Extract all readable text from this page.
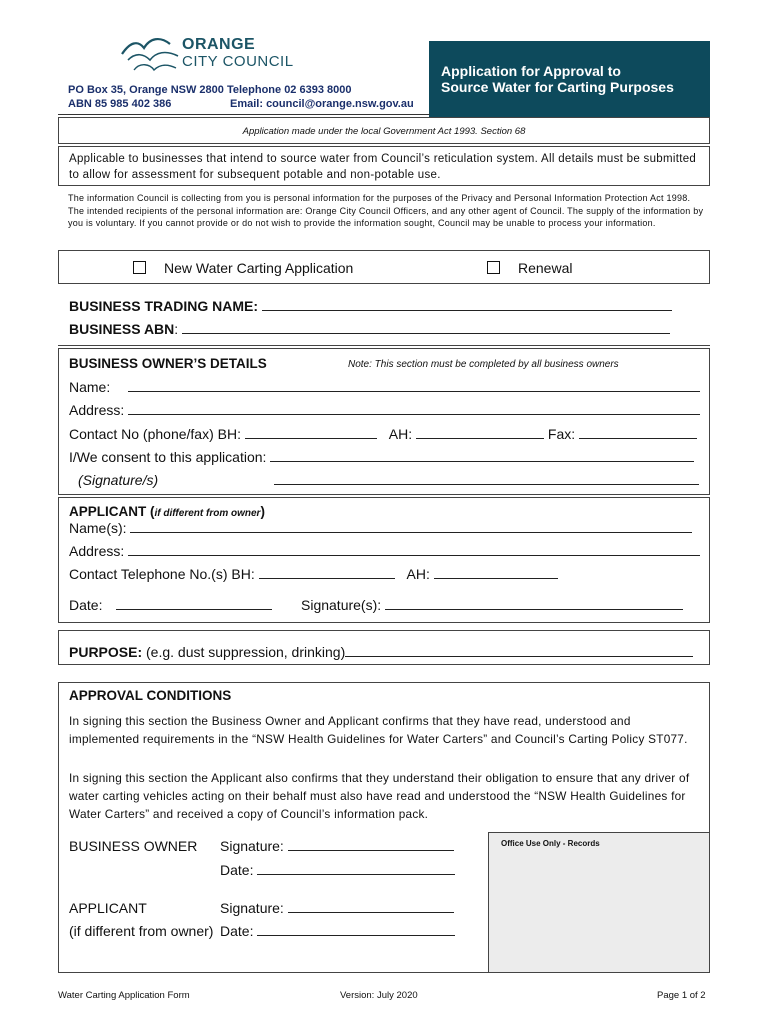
ORANGE
CITY COUNCIL
PO Box 35, Orange NSW 2800 Telephone 02 6393 8000
ABN 85 985 402 386	Email: council@orange.nsw.gov.au
Application for Approval to
Source Water for Carting Purposes
Application made under the local Government Act 1993. Section 68
Applicable to businesses that intend to source water from Council’s reticulation system. All details must be submitted to allow for assessment for subsequent potable and non-potable use.
The information Council is collecting from you is personal information for the purposes of the Privacy and Personal Information Protection Act 1998. The intended recipients of the personal information are: Orange City Council Officers, and any other agent of Council. The supply of the information by you is voluntary. If you cannot provide or do not wish to provide the information sought, Council may be unable to process your information.
New Water Carting Application	Renewal
BUSINESS TRADING NAME:
BUSINESS ABN:
BUSINESS OWNER’S DETAILS	Note: This section must be completed by all business owners
Name:
Address:
Contact No (phone/fax) BH:	AH:	Fax:
I/We consent to this application:
(Signature/s)
APPLICANT (if different from owner)
Name(s):
Address:
Contact Telephone No.(s) BH:	AH:
Date:	Signature(s):
PURPOSE: (e.g. dust suppression, drinking)
APPROVAL CONDITIONS
In signing this section the Business Owner and Applicant confirms that they have read, understood and implemented requirements in the “NSW Health Guidelines for Water Carters” and Council’s Carting Policy ST077.
In signing this section the Applicant also confirms that they understand their obligation to ensure that any driver of water carting vehicles acting on their behalf must also have read and understood the “NSW Health Guidelines for Water Carters” and received a copy of Council’s information pack.
BUSINESS OWNER Signature:
Date:
APPLICANT	Signature:
(if different from owner) Date:
Office Use Only - Records
Water Carting Application Form	Version: July 2020	Page 1 of 2
